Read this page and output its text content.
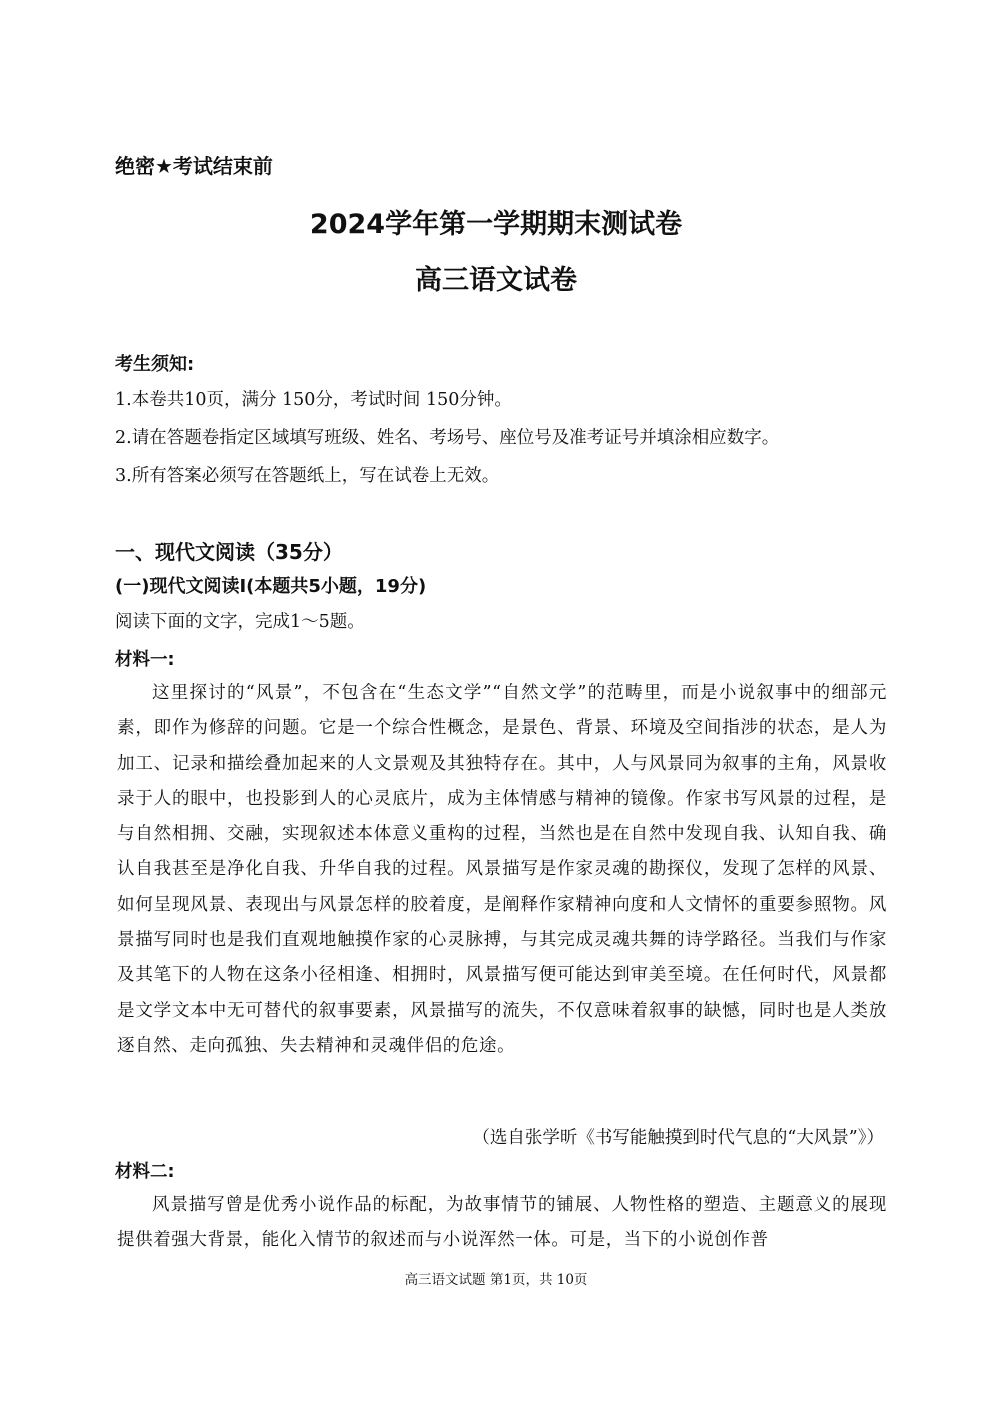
绝密★考试结束前
2024学年第一学期期末测试卷
高三语文试卷
考生须知:
1.本卷共10页，满分 150分，考试时间 150分钟。
2.请在答题卷指定区域填写班级、姓名、考场号、座位号及准考证号并填涂相应数字。
3.所有答案必须写在答题纸上，写在试卷上无效。
一、现代文阅读（35分）
(一)现代文阅读Ⅰ(本题共5小题，19分)
阅读下面的文字，完成1～5题。
材料一:

这里探讨的“风景”，不包含在“生态文学”“自然文学”的范畴里，而是小说叙事中的细部元素，即作为修辞的问题。它是一个综合性概念，是景色、背景、环境及空间指涉的状态，是人为加工、记录和描绘叠加起来的人文景观及其独特存在。其中，人与风景同为叙事的主角，风景收录于人的眼中，也投影到人的心灵底片，成为主体情感与精神的镜像。作家书写风景的过程，是与自然相拥、交融，实现叙述本体意义重构的过程，当然也是在自然中发现自我、认知自我、确认自我甚至是净化自我、升华自我的过程。风景描写是作家灵魂的勘探仪，发现了怎样的风景、如何呈现风景、表现出与风景怎样的胶着度，是阐释作家精神向度和人文情怀的重要参照物。风景描写同时也是我们直观地触摸作家的心灵脉搏，与其完成灵魂共舞的诗学路径。当我们与作家及其笔下的人物在这条小径相逢、相拥时，风景描写便可能达到审美至境。在任何时代，风景都是文学文本中无可替代的叙事要素，风景描写的流失，不仅意味着叙事的缺憾，同时也是人类放逐自然、走向孤独、失去精神和灵魂伴侣的危途。

（选自张学昕《书写能触摸到时代气息的“大风景”》）
材料二:

风景描写曾是优秀小说作品的标配，为故事情节的铺展、人物性格的塑造、主题意义的展现提供着强大背景，能化入情节的叙述而与小说浑然一体。可是，当下的小说创作普

高三语文试题 第1页，共 10页
